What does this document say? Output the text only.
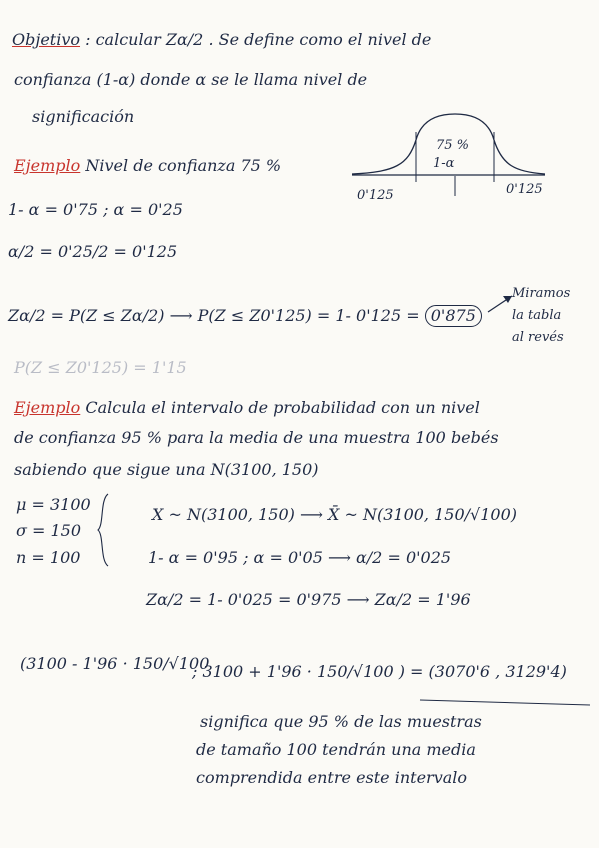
Objetivo : calcular Zα/2 . Se define como el nivel de
confianza (1-α) donde α se le llama nivel de
significación
Ejemplo Nivel de confianza 75 %
75 %
1-α
0'125	0'125
1- α = 0'75 ; α = 0'25
α/2 = 0'25/2 = 0'125
Zα/2 = P(Z ≤ Zα/2) ⟶ P(Z ≤ Z0'125) = 1- 0'125 = 0'875
Miramos
la tabla
al revés
P(Z ≤ Z0'125) = 1'15
Ejemplo Calcula el intervalo de probabilidad con un nivel
de confianza 95 % para la media de una muestra 100 bebés
sabiendo que sigue una N(3100, 150)
μ = 3100
σ = 150
n = 100
X ~ N(3100, 150) ⟶ X̄ ~ N(3100, 150/√100)
1- α = 0'95 ; α = 0'05 ⟶ α/2 = 0'025
Zα/2 = 1- 0'025 = 0'975 ⟶ Zα/2 = 1'96
(3100 - 1'96 · 150/√100
; 3100 + 1'96 · 150/√100 ) = (3070'6 , 3129'4)
significa que 95 % de las muestras
de tamaño 100 tendrán una media
comprendida entre este intervalo
